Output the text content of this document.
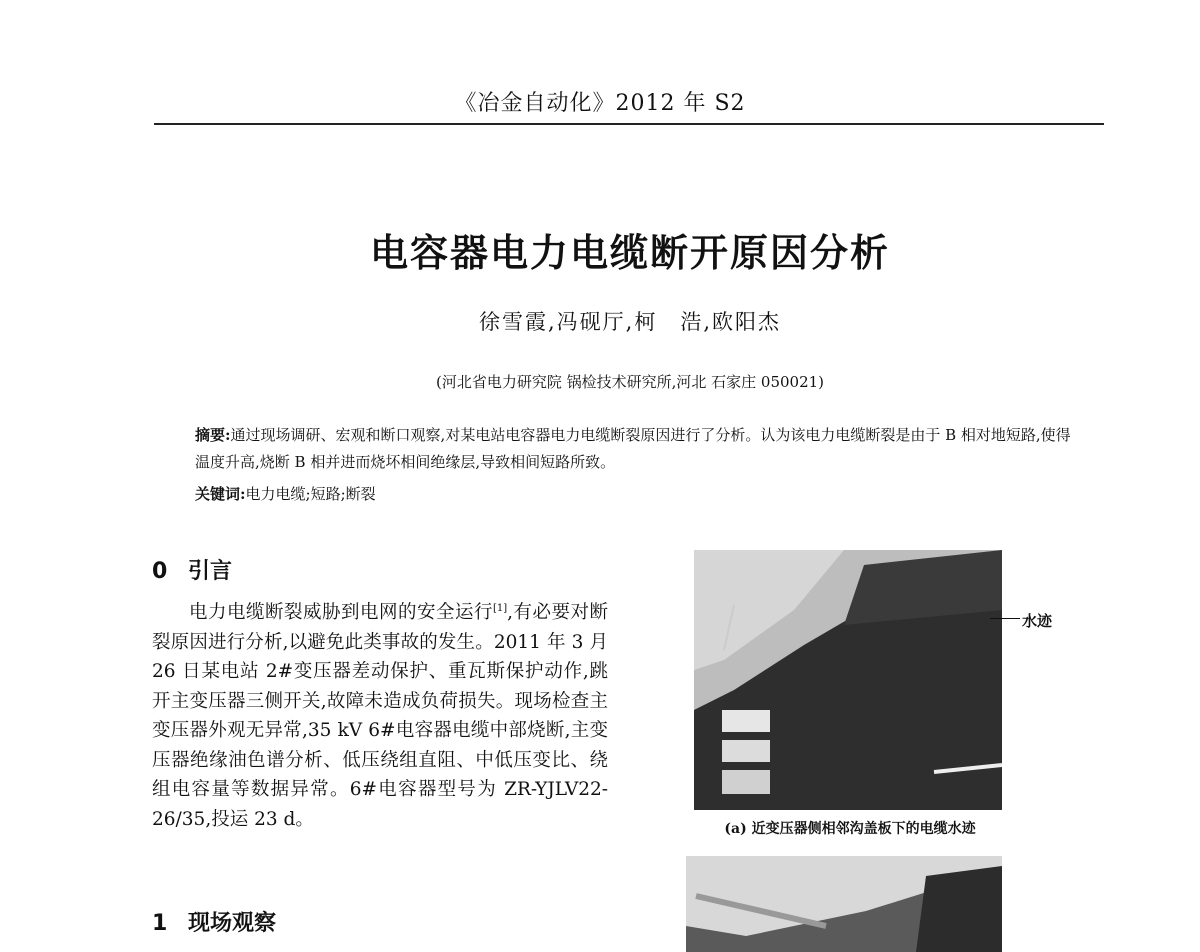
《冶金自动化》2012 年 S2
电容器电力电缆断开原因分析
徐雪霞,冯砚厅,柯　浩,欧阳杰
(河北省电力研究院 锅检技术研究所,河北 石家庄 050021)
摘要:通过现场调研、宏观和断口观察,对某电站电容器电力电缆断裂原因进行了分析。认为该电力电缆断裂是由于 B 相对地短路,使得温度升高,烧断 B 相并进而烧坏相间绝缘层,导致相间短路所致。
关键词:电力电缆;短路;断裂
0 引言

电力电缆断裂威胁到电网的安全运行[1],有必要对断裂原因进行分析,以避免此类事故的发生。2011 年 3 月 26 日某电站 2#变压器差动保护、重瓦斯保护动作,跳开主变压器三侧开关,故障未造成负荷损失。现场检查主变压器外观无异常,35 kV 6#电容器电缆中部烧断,主变压器绝缘油色谱分析、低压绕组直阻、中低压变比、绕组电容量等数据异常。6#电容器型号为 ZR-YJLV22-26/35,投运 23 d。

1 现场观察
水迹
(a) 近变压器侧相邻沟盖板下的电缆水迹
